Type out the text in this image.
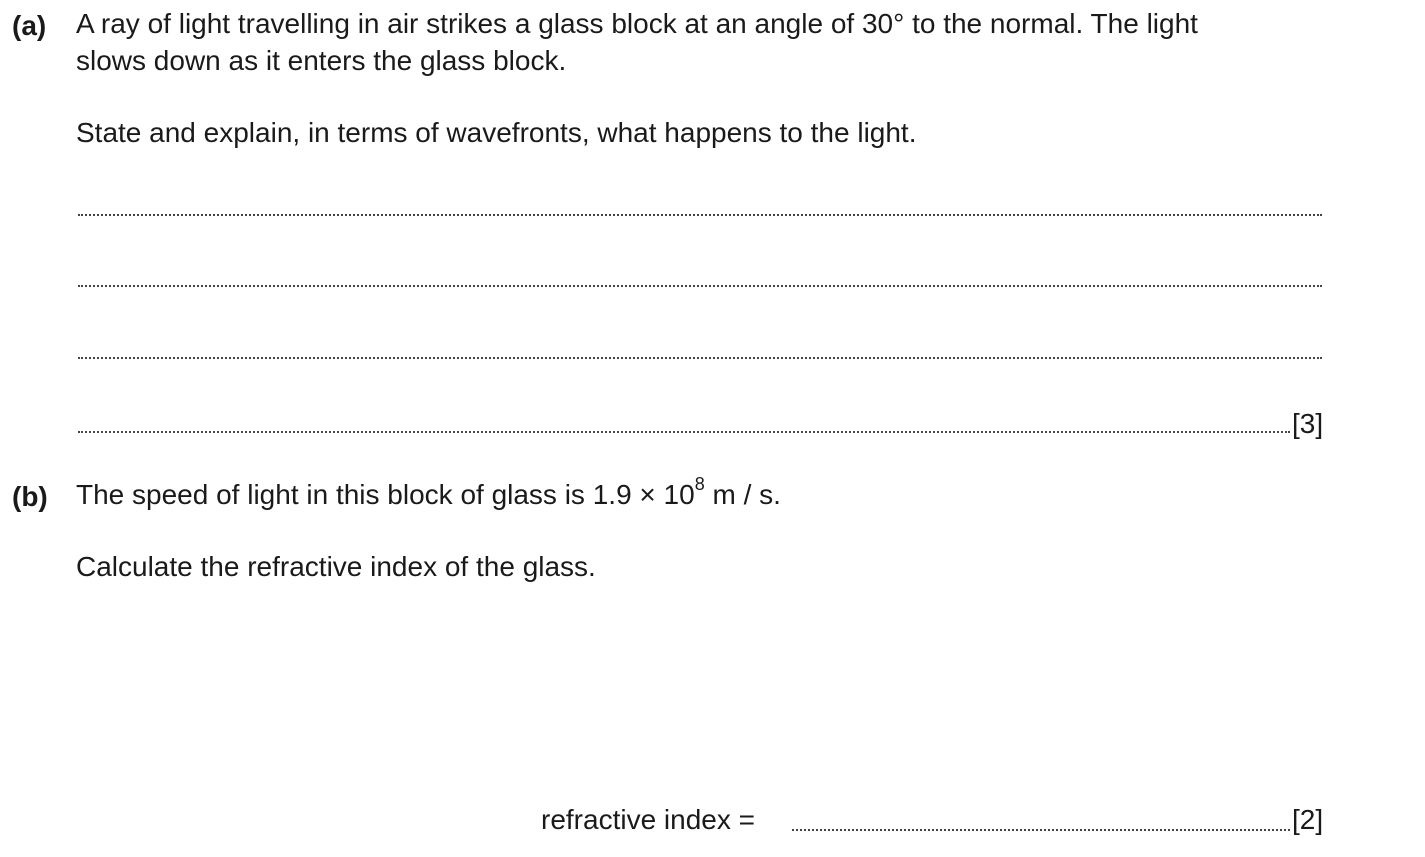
(a) A ray of light travelling in air strikes a glass block at an angle of 30° to the normal. The light
slows down as it enters the glass block.
State and explain, in terms of wavefronts, what happens to the light.
[3]
(b) The speed of light in this block of glass is $1.9 \times 10^8$ m / s.
Calculate the refractive index of the glass.
refractive index =	[2]
